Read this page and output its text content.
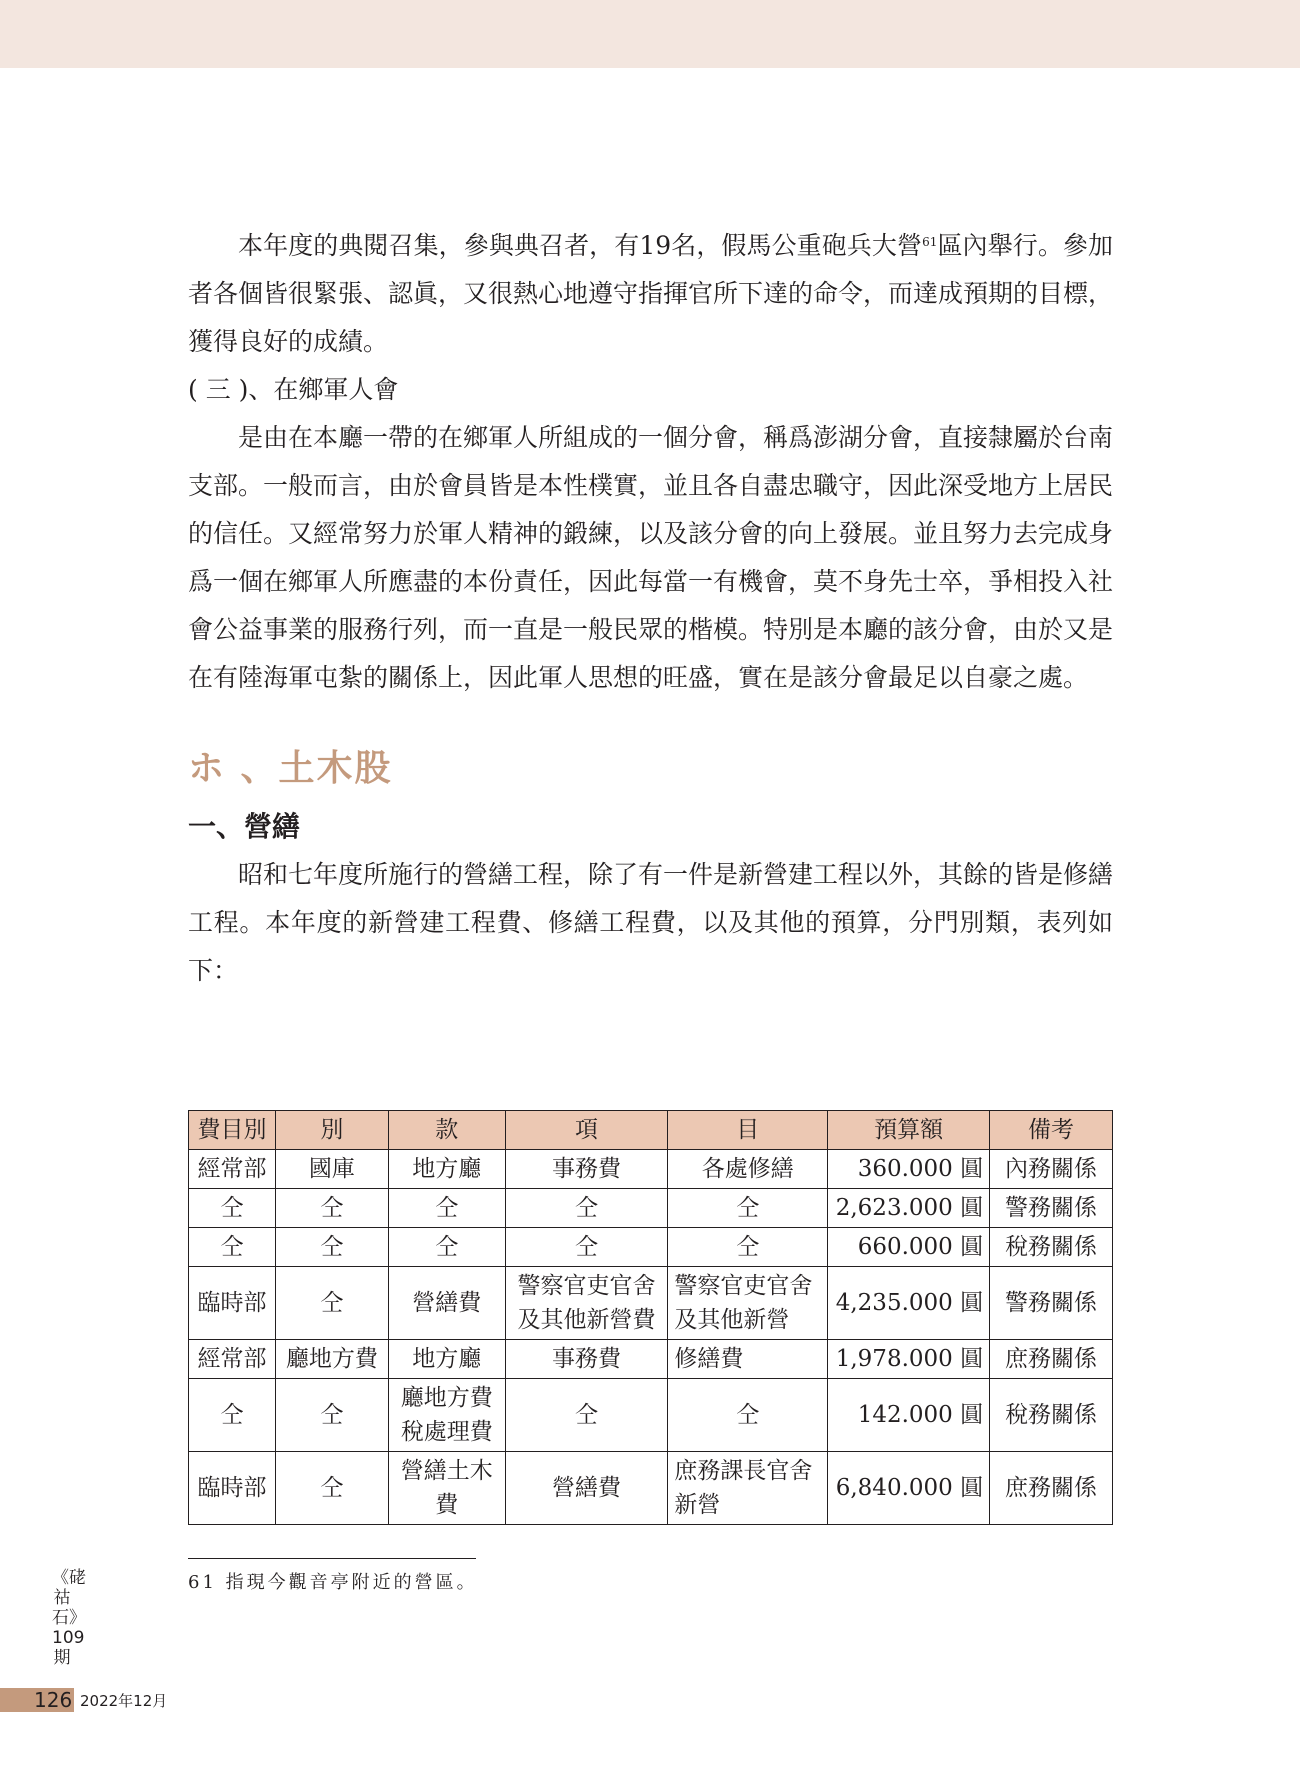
本年度的典閱召集，參與典召者，有19名，假馬公重砲兵大營$^{61}$區內舉行。參加者各個皆很緊張、認眞，又很熱心地遵守指揮官所下達的命令，而達成預期的目標，獲得良好的成績。

( 三 )、在鄉軍人會

是由在本廳一帶的在鄉軍人所組成的一個分會，稱爲澎湖分會，直接隸屬於台南支部。一般而言，由於會員皆是本性樸實，並且各自盡忠職守，因此深受地方上居民的信任。又經常努力於軍人精神的鍛練，以及該分會的向上發展。並且努力去完成身爲一個在鄉軍人所應盡的本份責任，因此每當一有機會，莫不身先士卒，爭相投入社會公益事業的服務行列，而一直是一般民眾的楷模。特別是本廳的該分會，由於又是在有陸海軍屯紮的關係上，因此軍人思想的旺盛，實在是該分會最足以自豪之處。

ホ 、土木股

一、營繕

昭和七年度所施行的營繕工程，除了有一件是新營建工程以外，其餘的皆是修繕工程。本年度的新營建工程費、修繕工程費，以及其他的預算，分門別類，表列如下：

費目別	別	款	項	目	預算額	備考
經常部	國庫	地方廳	事務費	各處修繕	360.000 圓	內務關係
仝	仝	仝	仝	仝	2,623.000 圓	警務關係
仝	仝	仝	仝	仝	660.000 圓	稅務關係
臨時部	仝	營繕費	警察官吏官舍及其他新營費	警察官吏官舍及其他新營	4,235.000 圓	警務關係
經常部	廳地方費	地方廳	事務費	修繕費	1,978.000 圓	庶務關係
仝	仝	廳地方費稅處理費	仝	仝	142.000 圓	稅務關係
臨時部	仝	營繕土木費	營繕費	庶務課長官舍新營	6,840.000 圓	庶務關係
61 指現今觀音亭附近的營區。
《硓祜石》109期
126 2022年12月
